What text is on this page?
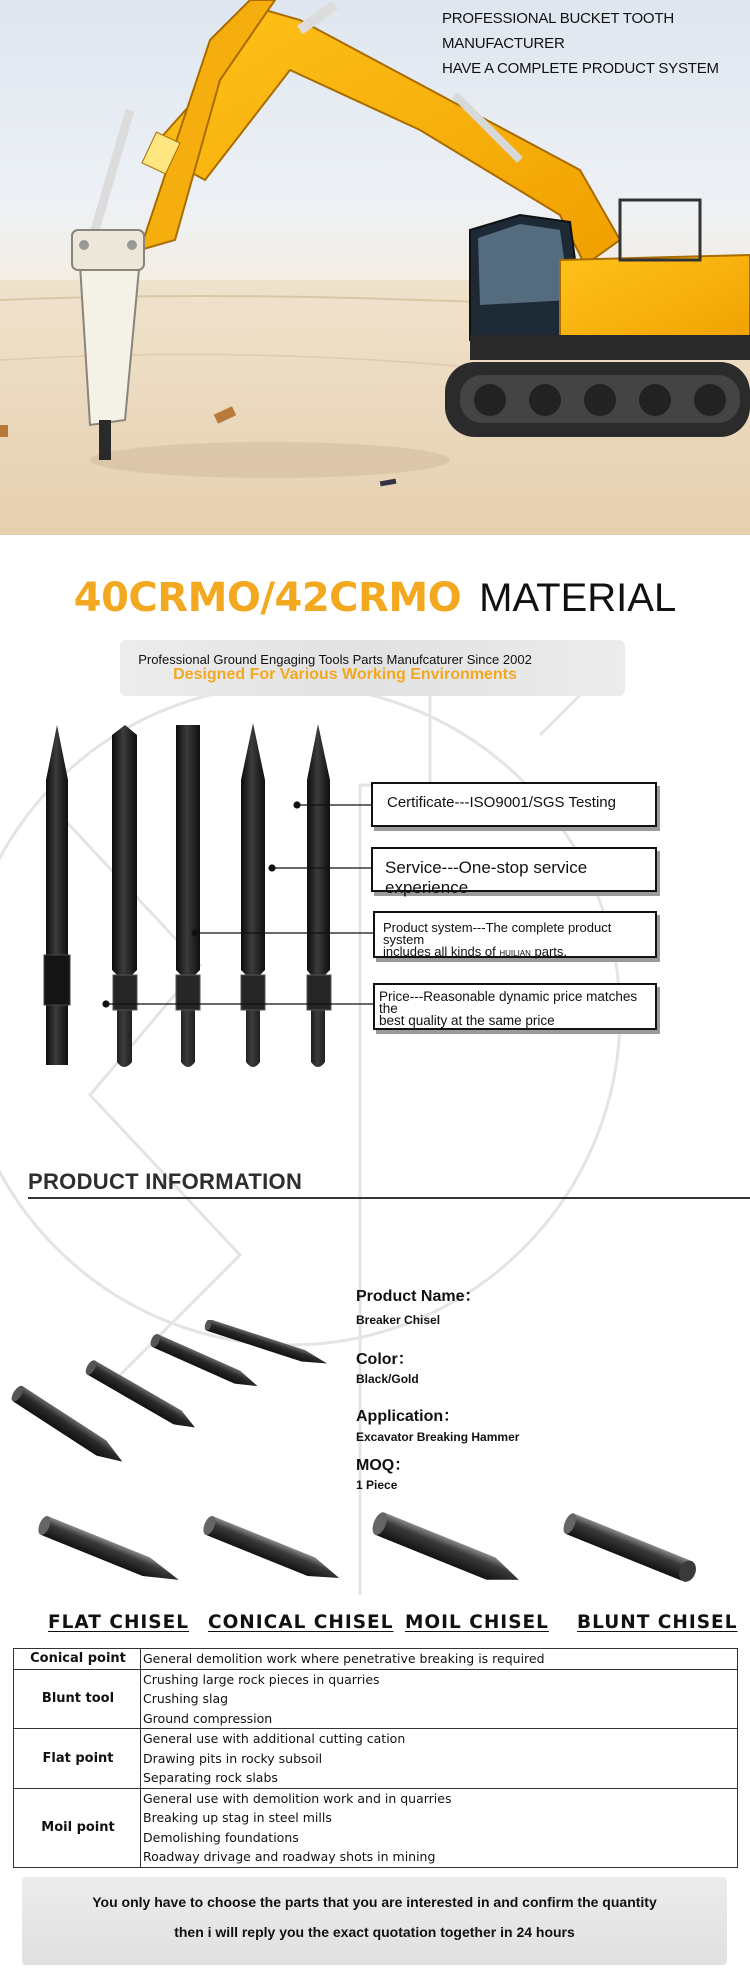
PROFESSIONAL BUCKET TOOTH MANUFACTURER
HAVE A COMPLETE PRODUCT SYSTEM
40CRMO/42CRMO MATERIAL
Professional Ground Engaging Tools Parts Manufcaturer Since 2002
Designed For Various Working Environments
Certificate---ISO9001/SGS Testing
Service---One-stop service experience
Product system---The complete product system
includes all kinds of HUILIAN parts.
Price---Reasonable dynamic price matches the
best quality at the same price
PRODUCT INFORMATION
Product Name：
Breaker Chisel
Color：
Black/Gold
Application：
Excavator Breaking Hammer
MOQ：
1 Piece
FLAT CHISEL CONICAL CHISEL MOIL CHISEL BLUNT CHISEL
Conical point	General demolition work where penetrative breaking is required

Blunt tool	Crushing large rock pieces in quarries
Crushing slag
Ground compression

Flat point	General use with additional cutting cation
Drawing pits in rocky subsoil
Separating rock slabs

Moil point	General use with demolition work and in quarries
Breaking up stag in steel mills
Demolishing foundations
Roadway drivage and roadway shots in mining
You only have to choose the parts that you are interested in and confirm the quantity
then i will reply you the exact quotation together in 24 hours
